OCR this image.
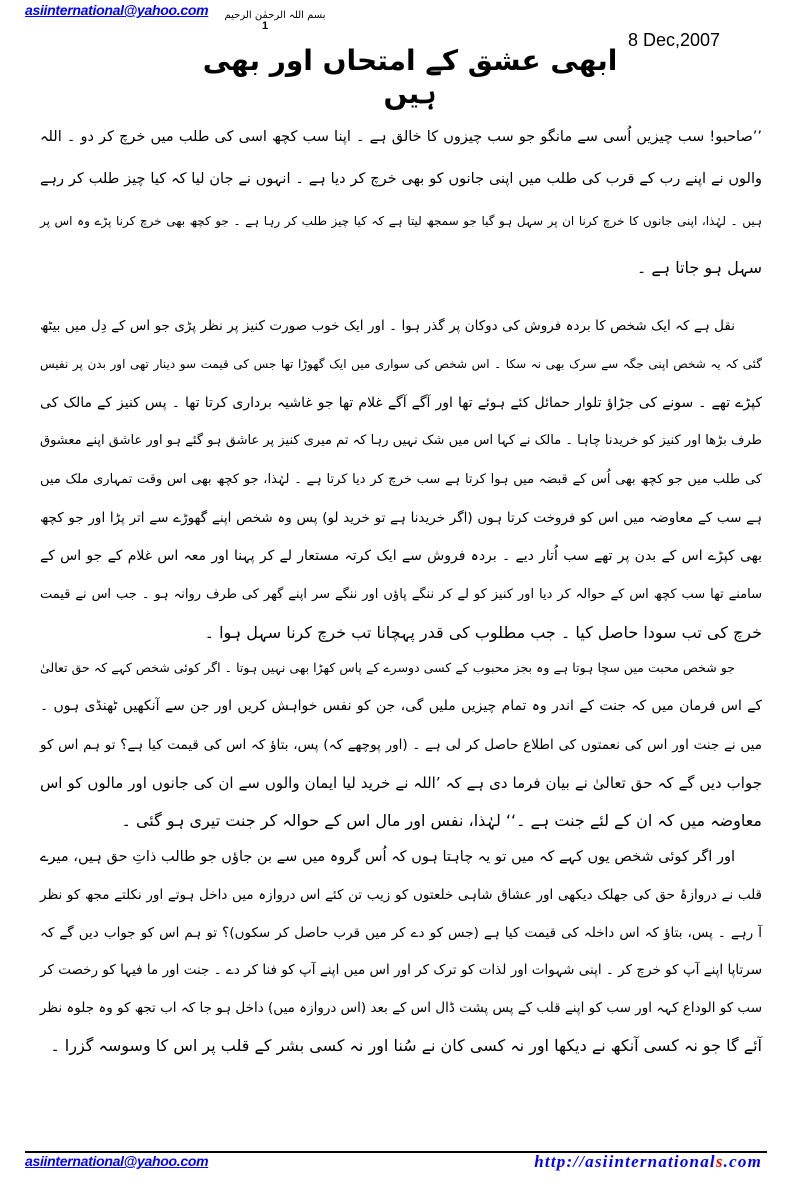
asiinternational@yahoo.com	بسم اللہ الرحمٰن الرحیم
1
8 Dec,2007
ابھی عشق کے امتحاں اور بھی ہیں
’’صاحبو! سب چیزیں اُسی سے مانگو جو سب چیزوں کا خالق ہے ۔ اپنا سب کچھ اسی کی طلب میں خرچ کر دو ۔ اللہ
والوں نے اپنے رب کے قرب کی طلب میں اپنی جانوں کو بھی خرچ کر دیا ہے ۔ انہوں نے جان لیا کہ کیا چیز طلب کر رہے
ہیں ۔ لہٰذا، اپنی جانوں کا خرچ کرنا ان پر سہل ہو گیا جو سمجھ لیتا ہے کہ کیا چیز طلب کر رہا ہے ۔ جو کچھ بھی خرچ کرنا پڑے وہ اس پر
سہل ہو جاتا ہے ۔
نقل ہے کہ ایک شخص کا بردہ فروش کی دوکان پر گذر ہوا ۔ اور ایک خوب صورت کنیز پر نظر پڑی جو اس کے دِل میں بیٹھ
گئی کہ یہ شخص اپنی جگہ سے سرک بھی نہ سکا ۔ اس شخص کی سواری میں ایک گھوڑا تھا جس کی قیمت سو دینار تھی اور بدن پر نفیس
کپڑے تھے ۔ سونے کی جڑاؤ تلوار حمائل کئے ہوئے تھا اور آگے آگے غلام تھا جو غاشیہ برداری کرتا تھا ۔ پس کنیز کے مالک کی
طرف بڑھا اور کنیز کو خریدنا چاہا ۔ مالک نے کہا اس میں شک نہیں رہا کہ تم میری کنیز پر عاشق ہو گئے ہو اور عاشق اپنے معشوق
کی طلب میں جو کچھ بھی اُس کے قبضہ میں ہوا کرتا ہے سب خرچ کر دیا کرتا ہے ۔ لہٰذا، جو کچھ بھی اس وقت تمہاری ملک میں
ہے سب کے معاوضہ میں اس کو فروخت کرتا ہوں (اگر خریدنا ہے تو خرید لو) پس وہ شخص اپنے گھوڑے سے اتر پڑا اور جو کچھ
بھی کپڑے اس کے بدن پر تھے سب اُتار دیے ۔ بردہ فروش سے ایک کرتہ مستعار لے کر پہنا اور معہ اس غلام کے جو اس کے
سامنے تھا سب کچھ اس کے حوالہ کر دیا اور کنیز کو لے کر ننگے پاؤں اور ننگے سر اپنے گھر کی طرف روانہ ہو ۔ جب اس نے قیمت
خرچ کی تب سودا حاصل کیا ۔ جب مطلوب کی قدر پہچانا تب خرچ کرنا سہل ہوا ۔
جو شخص محبت میں سچا ہوتا ہے وہ بجز محبوب کے کسی دوسرے کے پاس کھڑا بھی نہیں ہوتا ۔ اگر کوئی شخص کہے کہ حق تعالیٰ
کے اس فرمان میں کہ جنت کے اندر وہ تمام چیزیں ملیں گی، جن کو نفس خواہش کریں اور جن سے آنکھیں ٹھنڈی ہوں ۔
میں نے جنت اور اس کی نعمتوں کی اطلاع حاصل کر لی ہے ۔ (اور پوچھے کہ) پس، بتاؤ کہ اس کی قیمت کیا ہے؟ تو ہم اس کو
جواب دیں گے کہ حق تعالیٰ نے بیان فرما دی ہے کہ ’اللہ نے خرید لیا ایمان والوں سے ان کی جانوں اور مالوں کو اس
معاوضہ میں کہ ان کے لئے جنت ہے ۔‘‘ لہٰذا، نفس اور مال اس کے حوالہ کر جنت تیری ہو گئی ۔
اور اگر کوئی شخص یوں کہے کہ میں تو یہ چاہتا ہوں کہ اُس گروہ میں سے بن جاؤں جو طالب ذاتِ حق ہیں، میرے
قلب نے دروازۂ حق کی جھلک دیکھی اور عشاق شاہی خلعتوں کو زیب تن کئے اس دروازہ میں داخل ہوتے اور نکلتے مجھ کو نظر
آ رہے ۔ پس، بتاؤ کہ اس داخلہ کی قیمت کیا ہے (جس کو دے کر میں قرب حاصل کر سکوں)؟ تو ہم اس کو جواب دیں گے کہ
سرتاپا اپنے آپ کو خرچ کر ۔ اپنی شہوات اور لذات کو ترک کر اور اس میں اپنے آپ کو فنا کر دے ۔ جنت اور ما فیہا کو رخصت کر
سب کو الوداع کہہ اور سب کو اپنے قلب کے پس پشت ڈال اس کے بعد (اس دروازہ میں) داخل ہو جا کہ اب تجھ کو وہ جلوہ نظر
آئے گا جو نہ کسی آنکھ نے دیکھا اور نہ کسی کان نے سُنا اور نہ کسی بشر کے قلب پر اس کا وسوسہ گزرا ۔
asiinternational@yahoo.com	http://asiinternationals.com
